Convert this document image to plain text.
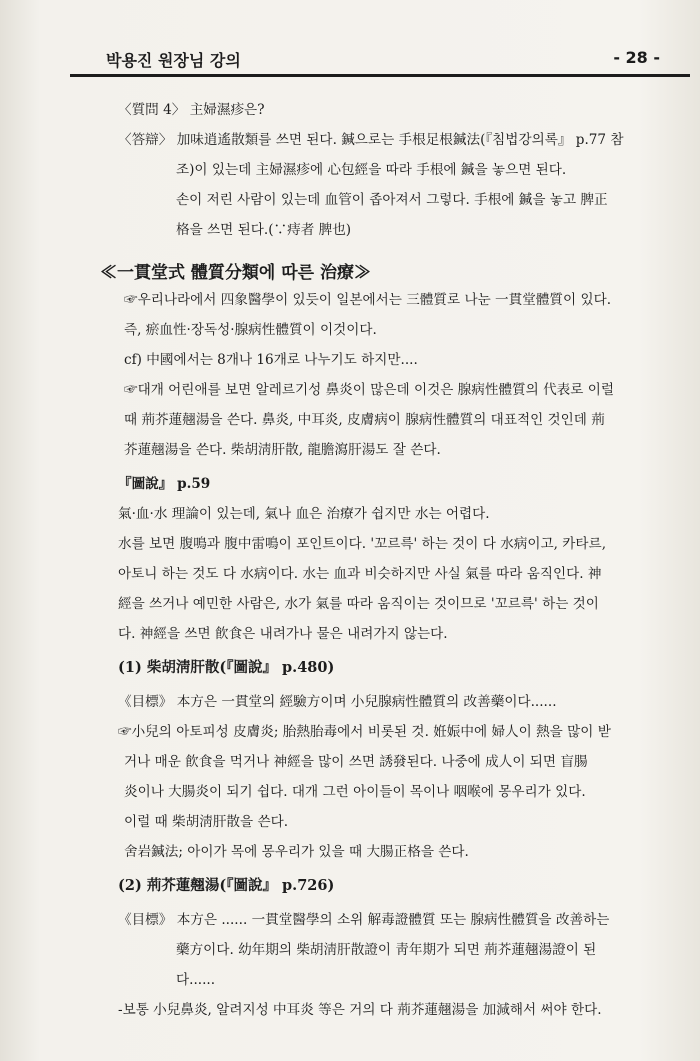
박용진 원장님 강의	- 28 -
〈質問 4〉 主婦濕疹은?
〈答辯〉 加味逍遙散類를 쓰면 된다. 鍼으로는 手根足根鍼法(『침법강의록』 p.77 참
조)이 있는데 主婦濕疹에 心包經을 따라 手根에 鍼을 놓으면 된다.
손이 저린 사람이 있는데 血管이 좁아져서 그렇다. 手根에 鍼을 놓고 脾正
格을 쓰면 된다.(∵痔者 脾也)
≪一貫堂式 體質分類에 따른 治療≫
☞우리나라에서 四象醫學이 있듯이 일본에서는 三體質로 나눈 一貫堂體質이 있다.
즉, 瘀血性·장독성·腺病性體質이 이것이다.
cf) 中國에서는 8개나 16개로 나누기도 하지만....
☞대개 어린애를 보면 알레르기성 鼻炎이 많은데 이것은 腺病性體質의 代表로 이럴
때 荊芥蓮翹湯을 쓴다. 鼻炎, 中耳炎, 皮膚病이 腺病性體質의 대표적인 것인데 荊
芥蓮翹湯을 쓴다. 柴胡淸肝散, 龍膽瀉肝湯도 잘 쓴다.
『圖說』 p.59
氣·血·水 理論이 있는데, 氣나 血은 治療가 쉽지만 水는 어렵다.
水를 보면 腹鳴과 腹中雷鳴이 포인트이다. '꼬르륵' 하는 것이 다 水病이고, 카타르,
아토니 하는 것도 다 水病이다. 水는 血과 비슷하지만 사실 氣를 따라 움직인다. 神
經을 쓰거나 예민한 사람은, 水가 氣를 따라 움직이는 것이므로 '꼬르륵' 하는 것이
다. 神經을 쓰면 飮食은 내려가나 물은 내려가지 않는다.
(1) 柴胡淸肝散(『圖說』 p.480)
《目標》 本方은 一貫堂의 經驗方이며 小兒腺病性體質의 改善藥이다......
☞小兒의 아토피성 皮膚炎; 胎熱胎毒에서 비롯된 것. 姙娠中에 婦人이 熱을 많이 받
거나 매운 飮食을 먹거나 神經을 많이 쓰면 誘發된다. 나중에 成人이 되면 盲腸
炎이나 大腸炎이 되기 쉽다. 대개 그런 아이들이 목이나 咽喉에 몽우리가 있다.
이럴 때 柴胡淸肝散을 쓴다.
舍岩鍼法; 아이가 목에 몽우리가 있을 때 大腸正格을 쓴다.
(2) 荊芥蓮翹湯(『圖說』 p.726)
《目標》 本方은 ...... 一貫堂醫學의 소위 解毒證體質 또는 腺病性體質을 改善하는
藥方이다. 幼年期의 柴胡淸肝散證이 靑年期가 되면 荊芥蓮翹湯證이 된
다......
-보통 小兒鼻炎, 알려지성 中耳炎 等은 거의 다 荊芥蓮翹湯을 加減해서 써야 한다.
